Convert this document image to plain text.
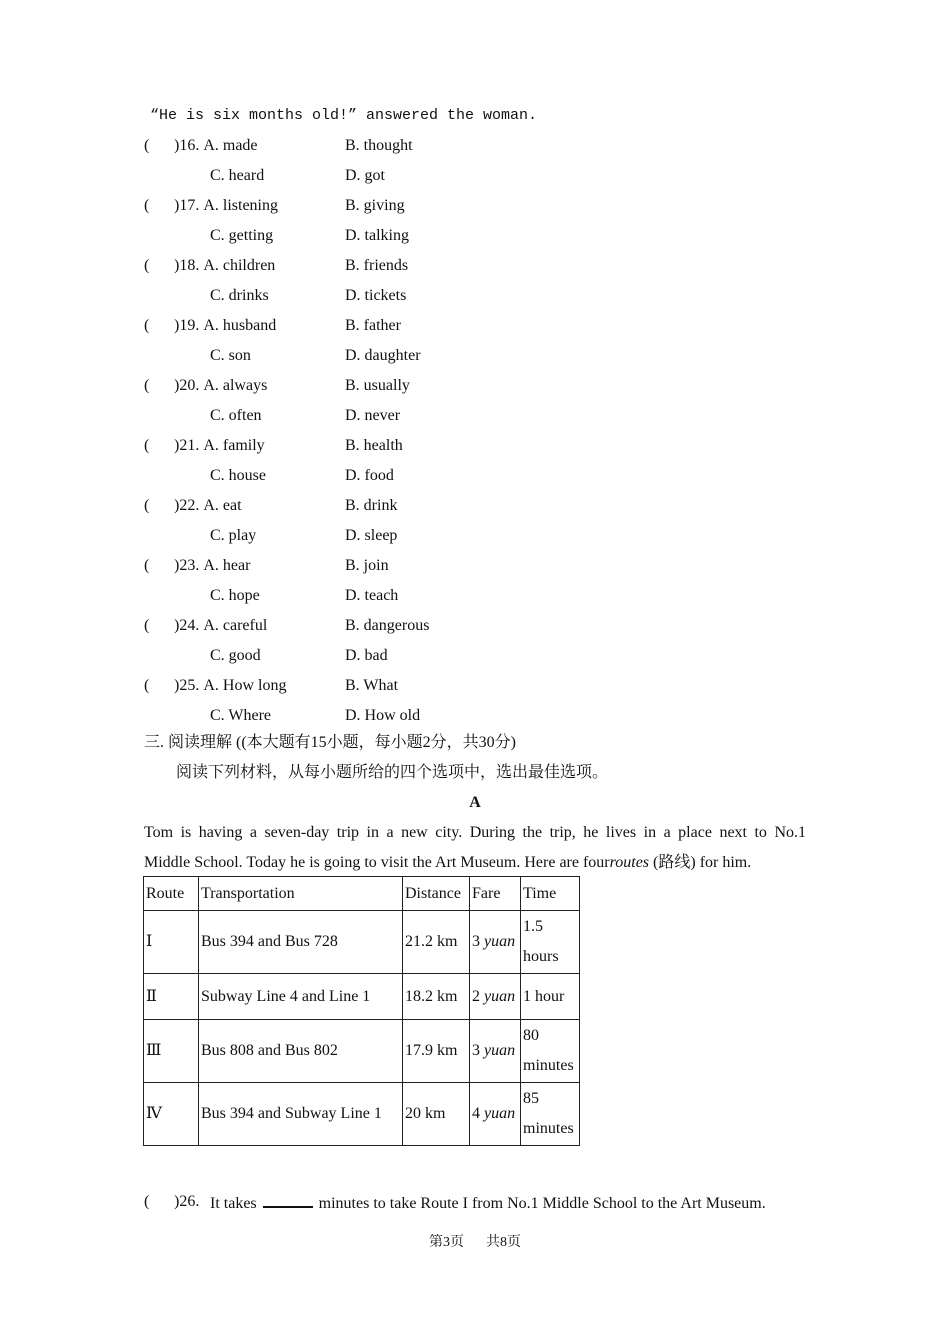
“He is six months old!” answered the woman.
( )16. A. made	B. thought
C. heard	D. got
( )17. A. listening	B. giving
C. getting	D. talking
( )18. A. children	B. friends
C. drinks	D. tickets
( )19. A. husband	B. father
C. son	D. daughter
( )20. A. always	B. usually
C. often	D. never
( )21. A. family	B. health
C. house	D. food
( )22. A. eat	B. drink
C. play	D. sleep
( )23. A. hear	B. join
C. hope	D. teach
( )24. A. careful	B. dangerous
C. good	D. bad
( )25. A. How long	B. What
C. Where	D. How old
三. 阅读理解 ((本大题有15小题，每小题2分，共30分)
阅读下列材料，从每小题所给的四个选项中，选出最佳选项。
A
Tom is having a seven-day trip in a new city. During the trip, he lives in a place next to No.1
Middle School. Today he is going to visit the Art Museum. Here are fourroutes (路线) for him.
Route	Transportation	Distance	Fare	Time
Ⅰ	Bus 394 and Bus 728	21.2 km	3 yuan	1.5 hours
Ⅱ	Subway Line 4 and Line 1	18.2 km	2 yuan	1 hour
Ⅲ	Bus 808 and Bus 802	17.9 km	3 yuan	80 minutes
Ⅳ	Bus 394 and Subway Line 1	20 km	4 yuan	85 minutes
( )26. It takes	minutes to take Route I from No.1 Middle School to the Art Museum.
第3页 共8页
